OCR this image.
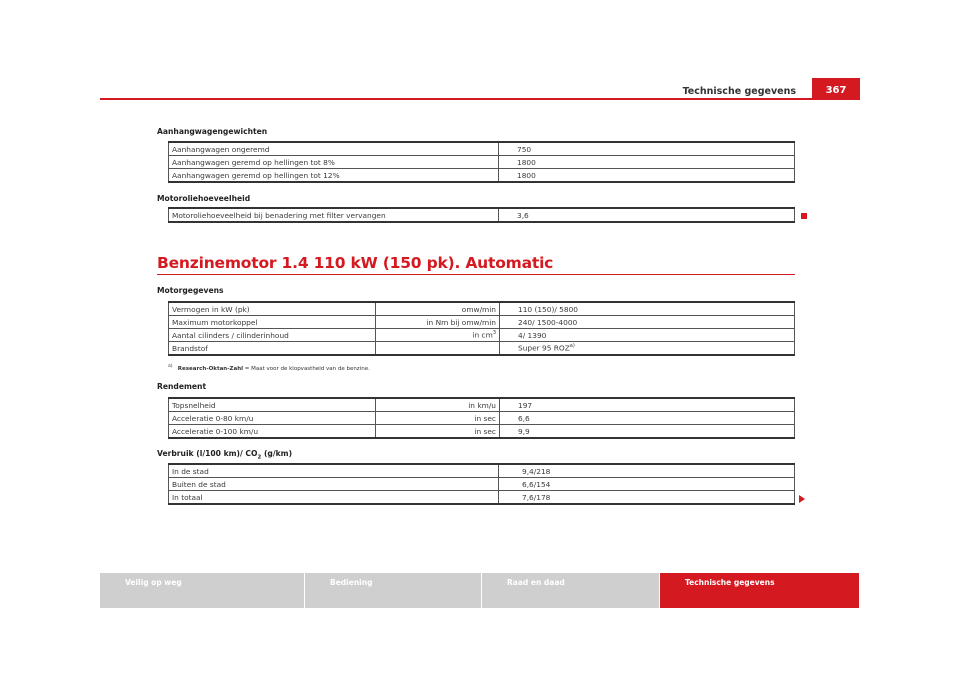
Technische gegevens	367
Aanhangwagengewichten
Aanhangwagen ongeremd	750
Aanhangwagen geremd op hellingen tot 8%	1800
Aanhangwagen geremd op hellingen tot 12%	1800
Motoroliehoeveelheid
Motoroliehoeveelheid bij benadering met filter vervangen	3,6
Benzinemotor 1.4 110 kW (150 pk). Automatic
Motorgegevens
Vermogen in kW (pk)	omw/min	110 (150)/ 5800
Maximum motorkoppel	in Nm bij omw/min	240/ 1500-4000
Aantal cilinders / cilinderinhoud	in $cm^3$	4/ 1390
Brandstof		Super 95 ROZ$^{a)}$
$^{a)}$ Research-Oktan-Zahl = Maat voor de klopvastheid van de benzine.
Rendement
Topsnelheid	in km/u	197
Acceleratie 0-80 km/u	in sec	6,6
Acceleratie 0-100 km/u	in sec	9,9
Verbruik (l/100 km)/ $CO_2$ (g/km)
In de stad	9,4/218
Buiten de stad	6,6/154
In totaal	7,6/178
Veilig op weg	Bediening	Raad en daad	Technische gegevens
